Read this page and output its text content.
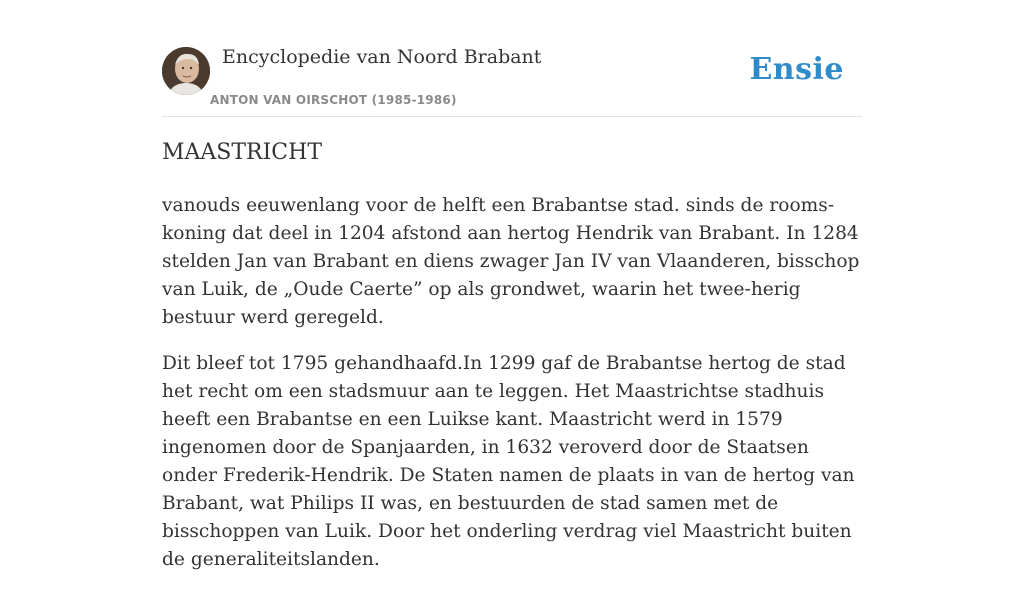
Encyclopedie van Noord Brabant
ANTON VAN OIRSCHOT (1985-1986)
Ensie
MAASTRICHT

vanouds eeuwenlang voor de helft een Brabantse stad. sinds de rooms-koning dat deel in 1204 afstond aan hertog Hendrik van Brabant. In 1284 stelden Jan van Brabant en diens zwager Jan IV van Vlaanderen, bisschop van Luik, de „Oude Caerte” op als grondwet, waarin het twee-herig bestuur werd geregeld.

Dit bleef tot 1795 gehandhaafd.In 1299 gaf de Brabantse hertog de stad het recht om een stadsmuur aan te leggen. Het Maastrichtse stadhuis heeft een Brabantse en een Luikse kant. Maastricht werd in 1579 ingenomen door de Spanjaarden, in 1632 veroverd door de Staatsen onder Frederik-Hendrik. De Staten namen de plaats in van de hertog van Brabant, wat Philips II was, en bestuurden de stad samen met de bisschoppen van Luik. Door het onderling verdrag viel Maastricht buiten de generaliteitslanden.
